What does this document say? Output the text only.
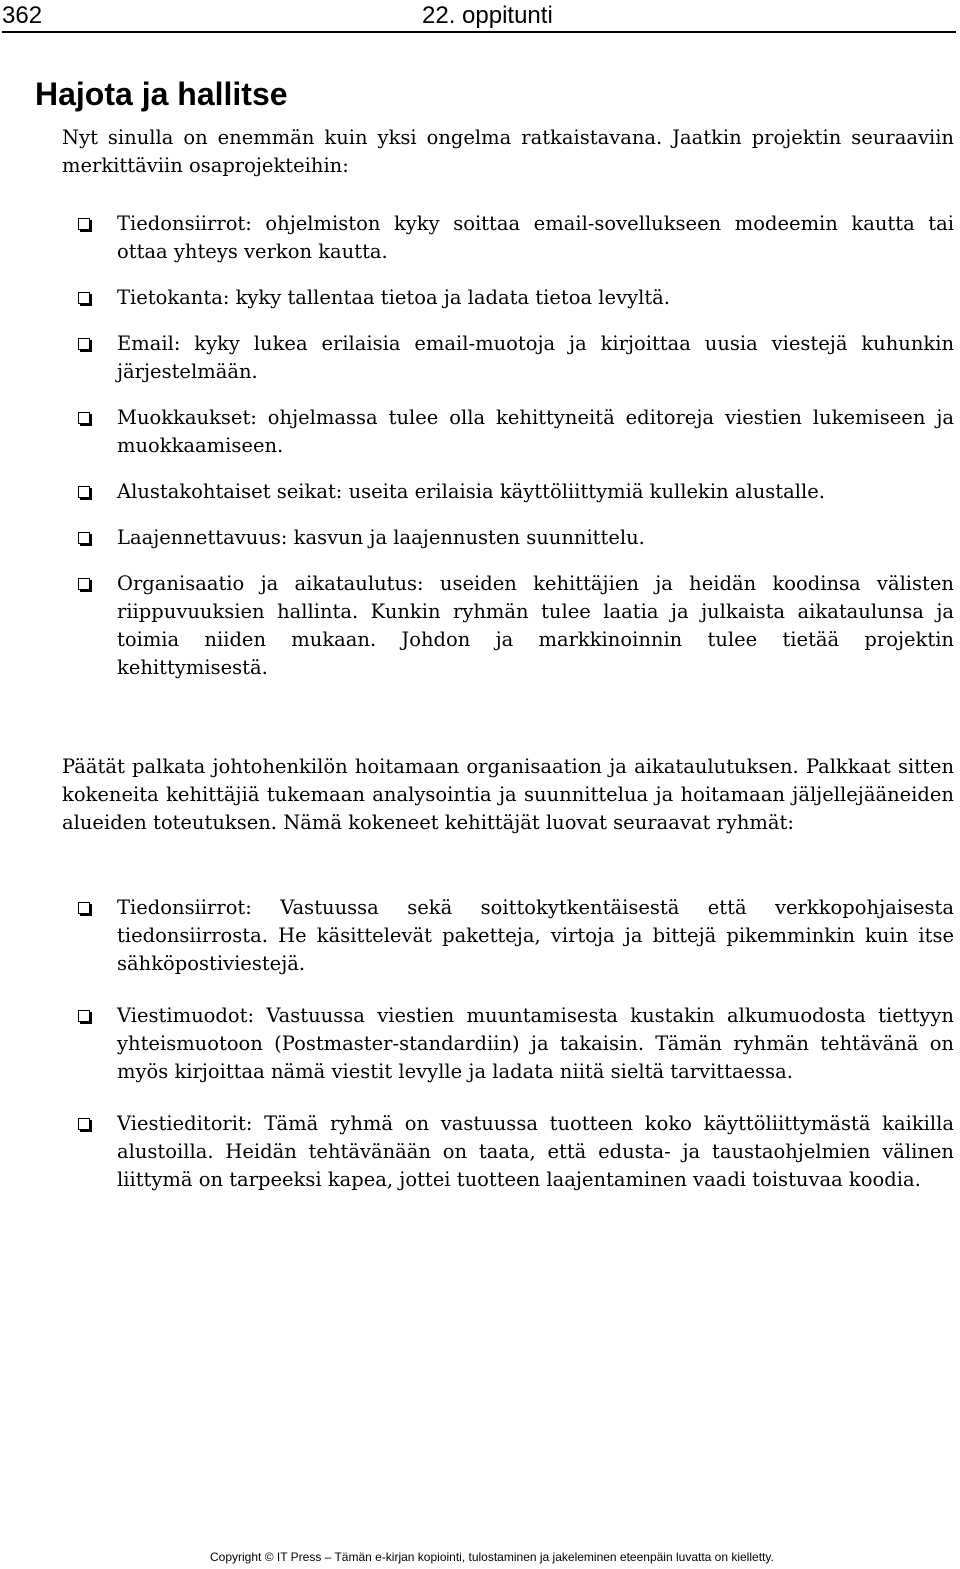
362	22. oppitunti
Hajota ja hallitse

Nyt sinulla on enemmän kuin yksi ongelma ratkaistavana. Jaatkin projektin seuraaviin merkittäviin osaprojekteihin:

Tiedonsiirrot: ohjelmiston kyky soittaa email-sovellukseen modeemin kautta tai ottaa yhteys verkon kautta.
Tietokanta: kyky tallentaa tietoa ja ladata tietoa levyltä.
Email: kyky lukea erilaisia email-muotoja ja kirjoittaa uusia viestejä kuhunkin järjestelmään.
Muokkaukset: ohjelmassa tulee olla kehittyneitä editoreja viestien lukemiseen ja muokkaamiseen.
Alustakohtaiset seikat: useita erilaisia käyttöliittymiä kullekin alustalle.
Laajennettavuus: kasvun ja laajennusten suunnittelu.
Organisaatio ja aikataulutus: useiden kehittäjien ja heidän koodinsa välisten riippuvuuksien hallinta. Kunkin ryhmän tulee laatia ja julkaista aikataulunsa ja toimia niiden mukaan. Johdon ja markkinoinnin tulee tietää projektin kehittymisestä.

Päätät palkata johtohenkilön hoitamaan organisaation ja aikataulutuksen. Palkkaat sitten kokeneita kehittäjiä tukemaan analysointia ja suunnittelua ja hoitamaan jäljellejääneiden alueiden toteutuksen. Nämä kokeneet kehittäjät luovat seuraavat ryhmät:

Tiedonsiirrot: Vastuussa sekä soittokytkentäisestä että verkkopohjaisesta tiedonsiirrosta. He käsittelevät paketteja, virtoja ja bittejä pikemminkin kuin itse sähköpostiviestejä.
Viestimuodot: Vastuussa viestien muuntamisesta kustakin alkumuodosta tiettyyn yhteismuotoon (Postmaster-standardiin) ja takaisin. Tämän ryhmän tehtävänä on myös kirjoittaa nämä viestit levylle ja ladata niitä sieltä tarvittaessa.
Viestieditorit: Tämä ryhmä on vastuussa tuotteen koko käyttöliittymästä kaikilla alustoilla. Heidän tehtävänään on taata, että edusta- ja taustaohjelmien välinen liittymä on tarpeeksi kapea, jottei tuotteen laajentaminen vaadi toistuvaa koodia.

Copyright © IT Press – Tämän e-kirjan kopiointi, tulostaminen ja jakeleminen eteenpäin luvatta on kielletty.
